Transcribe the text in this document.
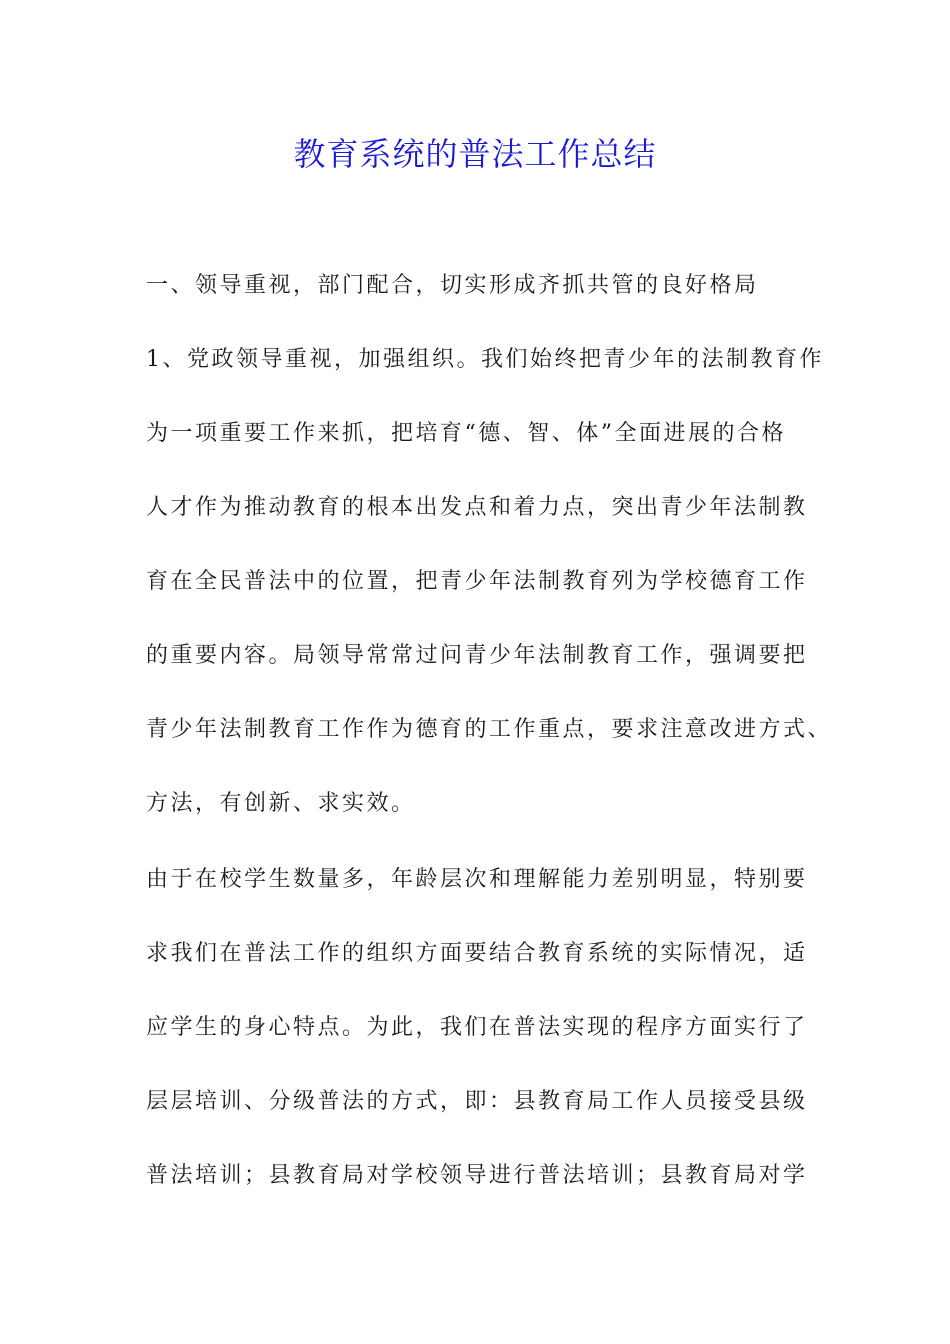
教育系统的普法工作总结
一、领导重视，部门配合，切实形成齐抓共管的良好格局
1、党政领导重视，加强组织。我们始终把青少年的法制教育作
为一项重要工作来抓，把培育“德、智、体”全面进展的合格
人才作为推动教育的根本出发点和着力点，突出青少年法制教
育在全民普法中的位置，把青少年法制教育列为学校德育工作
的重要内容。局领导常常过问青少年法制教育工作，强调要把
青少年法制教育工作作为德育的工作重点，要求注意改进方式、
方法，有创新、求实效。
由于在校学生数量多，年龄层次和理解能力差别明显，特别要
求我们在普法工作的组织方面要结合教育系统的实际情况，适
应学生的身心特点。为此，我们在普法实现的程序方面实行了
层层培训、分级普法的方式，即：县教育局工作人员接受县级
普法培训；县教育局对学校领导进行普法培训；县教育局对学
